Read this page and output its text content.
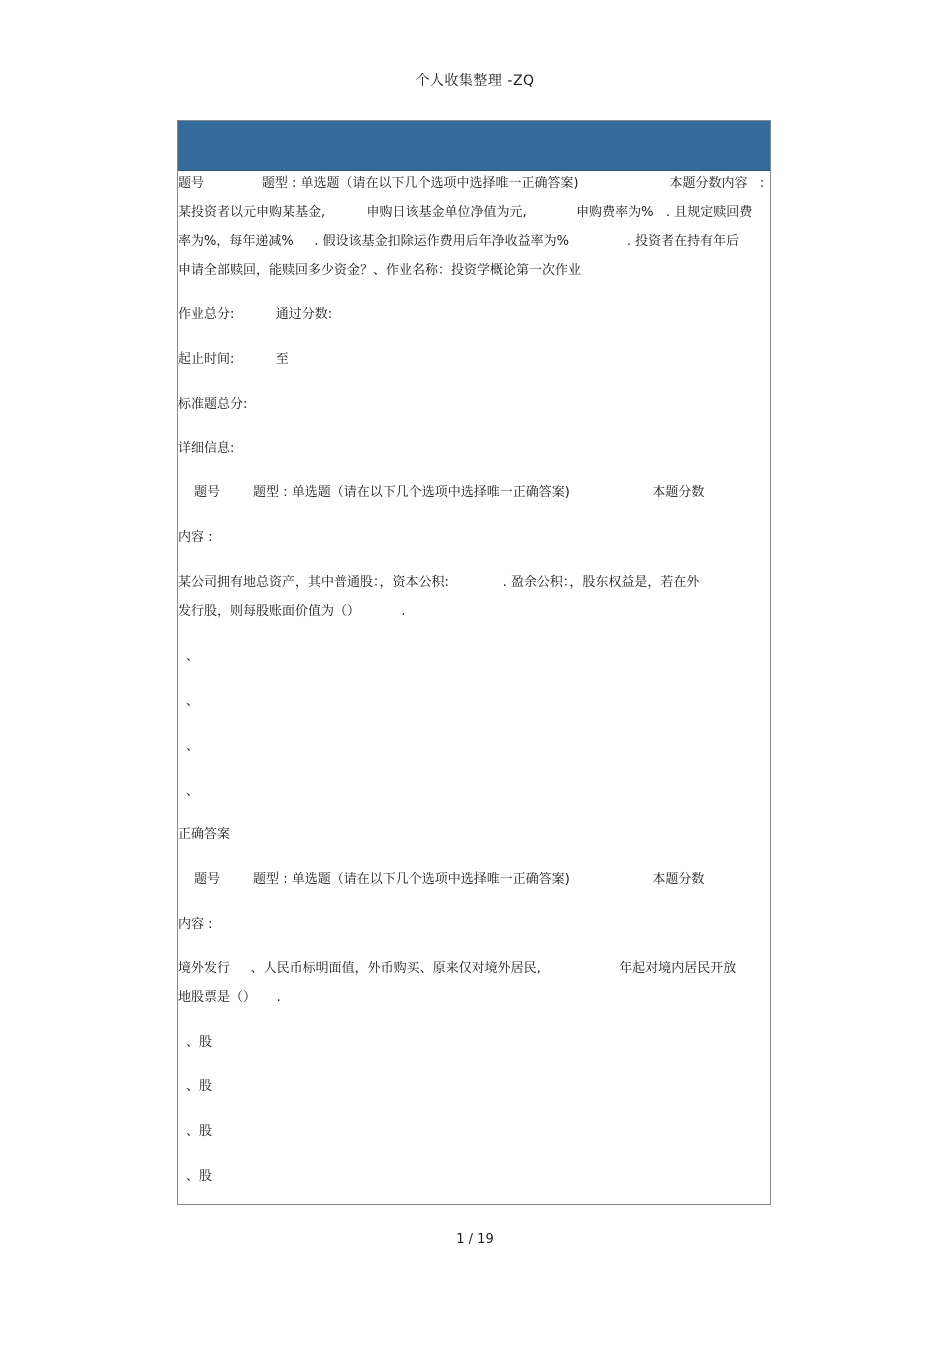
个人收集整理 -ZQ
题号              题型 : 单选题（请在以下几个选项中选择唯一正确答案)                      本题分数内容   :
某投资者以元申购某基金,          申购日该基金单位净值为元,            申购费率为%   . 且规定赎回费
率为%，每年递减%     . 假设该基金扣除运作费用后年净收益率为%              . 投资者在持有年后
申请全部赎回，能赎回多少资金？、作业名称：投资学概论第一次作业
作业总分:          通过分数:
起止时间:          至
标准题总分:
详细信息:
题号        题型 : 单选题（请在以下几个选项中选择唯一正确答案)                    本题分数
内容 :
某公司拥有地总资产，其中普通股：，资本公积:             . 盈余公积：，股东权益是，若在外
发行股，则每股账面价值为（）          .
、
、
、
、
正确答案
题号        题型 : 单选题（请在以下几个选项中选择唯一正确答案)                    本题分数
内容 :
境外发行     、人民币标明面值，外币购买、原来仅对境外居民,                   年起对境内居民开放
地股票是（）     .
、股
、股
、股
、股
1 / 19
